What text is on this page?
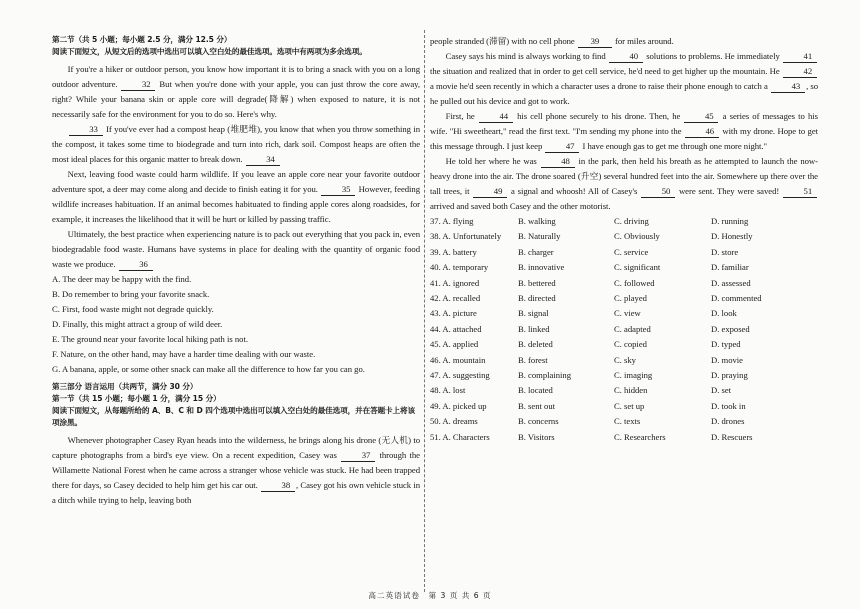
第二节（共 5 小题；每小题 2.5 分，满分 12.5 分）

阅读下面短文，从短文后的选项中选出可以填入空白处的最佳选项。选项中有两项为多余选项。

If you're a hiker or outdoor person, you know how important it is to bring a snack with you on a long outdoor adventure.	32 But when you're done with your apple, you can just throw the core away, right? While your banana skin or apple core will degrade(降解) when exposed to nature, it is not necessarily safe for the environment for you to do so. Here's why.

33 If you've ever had a compost heap (堆肥堆), you know that when you throw something in the compost, it takes some time to biodegrade and turn into rich, dark soil. Compost heaps are often the most ideal places for this organic matter to break down.	34

Next, leaving food waste could harm wildlife. If you leave an apple core near your favorite outdoor adventure spot, a deer may come along and decide to finish eating it for you.	35 However, feeding wildlife increases habituation. If an animal becomes habituated to finding apple cores along roadsides, for example, it increases the likelihood that it will be hurt or killed by passing traffic.

Ultimately, the best practice when experiencing nature is to pack out everything that you pack in, even biodegradable food waste. Humans have systems in place for dealing with the quantity of organic food waste we produce.	36

A. The deer may be happy with the find.

B. Do remember to bring your favorite snack.

C. First, food waste might not degrade quickly.

D. Finally, this might attract a group of wild deer.

E. The ground near your favorite local hiking path is not.

F. Nature, on the other hand, may have a harder time dealing with our waste.

G. A banana, apple, or some other snack can make all the difference to how far you can go.

第三部分 语言运用（共两节，满分 30 分）

第一节（共 15 小题；每小题 1 分，满分 15 分）

阅读下面短文，从每题所给的 A、B、C 和 D 四个选项中选出可以填入空白处的最佳选项，并在答题卡上将该项涂黑。

Whenever photographer Casey Ryan heads into the wilderness, he brings along his drone (无人机) to capture photographs from a bird's eye view. On a recent expedition, Casey was	37 through the Willamette National Forest when he came across a stranger whose vehicle was stuck. He had been trapped there for days, so Casey decided to help him get his car out.	38 , Casey got his own vehicle stuck in a ditch while trying to help, leaving both

people stranded (滞留) with no cell phone 39 for miles around.

Casey says his mind is always working to find	40 solutions to problems. He immediately	41 the situation and realized that in order to get cell service, he'd need to get higher up the mountain. He	42 a movie he'd seen recently in which a character uses a drone to raise their phone enough to catch a	43 , so he pulled out his device and got to work.

First, he	44 his cell phone securely to his drone. Then, he	45 a series of messages to his wife. "Hi sweetheart," read the first text. "I'm sending my phone into the	46 with my drone. Hope to get this message through. I just keep	47 I have enough gas to get me through one more night."

He told her where he was	48 in the park, then held his breath as he attempted to launch the now-heavy drone into the air. The drone soared (升空) several hundred feet into the air. Somewhere up there over the tall trees, it	49 a signal and whoosh! All of Casey's	50 were sent. They were saved!	51 arrived and saved both Casey and the other motorist.

37. A. flying	B. walking	C. driving	D. running
38. A. Unfortunately	B. Naturally	C. Obviously	D. Honestly
39. A. battery	B. charger	C. service	D. store
40. A. temporary	B. innovative	C. significant	D. familiar
41. A. ignored	B. bettered	C. followed	D. assessed
42. A. recalled	B. directed	C. played	D. commented
43. A. picture	B. signal	C. view	D. look
44. A. attached	B. linked	C. adapted	D. exposed
45. A. applied	B. deleted	C. copied	D. typed
46. A. mountain	B. forest	C. sky	D. movie
47. A. suggesting	B. complaining	C. imaging	D. praying
48. A. lost	B. located	C. hidden	D. set
49. A. picked up	B. sent out	C. set up	D. took in
50. A. dreams	B. concerns	C. texts	D. drones
51. A. Characters	B. Visitors	C. Researchers	D. Rescuers
高二英语试卷　第 3 页 共 6 页
